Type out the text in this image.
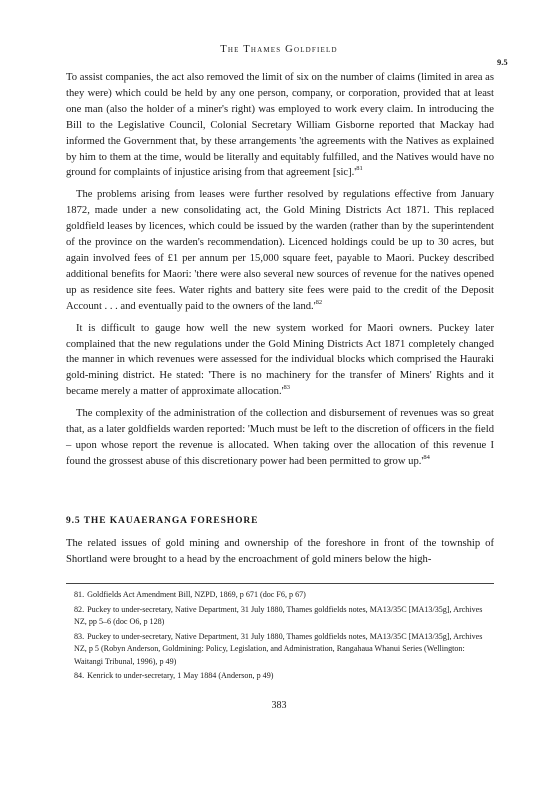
The Thames Goldfield
9.5

To assist companies, the act also removed the limit of six on the number of claims (limited in area as they were) which could be held by any one person, company, or corporation, provided that at least one man (also the holder of a miner's right) was employed to work every claim. In introducing the Bill to the Legislative Council, Colonial Secretary William Gisborne reported that Mackay had informed the Government that, by these arrangements 'the agreements with the Natives as explained by him to them at the time, would be literally and equitably fulfilled, and the Natives would have no ground for complaints of injustice arising from that agreement [sic].'$^{81}$

The problems arising from leases were further resolved by regulations effective from January 1872, made under a new consolidating act, the Gold Mining Districts Act 1871. This replaced goldfield leases by licences, which could be issued by the warden (rather than by the superintendent of the province on the warden's recommendation). Licenced holdings could be up to 30 acres, but again involved fees of £1 per annum per 15,000 square feet, payable to Maori. Puckey described additional benefits for Maori: 'there were also several new sources of revenue for the natives opened up as residence site fees. Water rights and battery site fees were paid to the credit of the Deposit Account . . . and eventually paid to the owners of the land.'$^{82}$

It is difficult to gauge how well the new system worked for Maori owners. Puckey later complained that the new regulations under the Gold Mining Districts Act 1871 completely changed the manner in which revenues were assessed for the individual blocks which comprised the Hauraki gold-mining district. He stated: 'There is no machinery for the transfer of Miners' Rights and it became merely a matter of approximate allocation.'$^{83}$

The complexity of the administration of the collection and disbursement of revenues was so great that, as a later goldfields warden reported: 'Much must be left to the discretion of officers in the field – upon whose report the revenue is allocated. When taking over the allocation of this revenue I found the grossest abuse of this discretionary power had been permitted to grow up.'$^{84}$

9.5 THE KAUAERANGA FORESHORE

The related issues of gold mining and ownership of the foreshore in front of the township of Shortland were brought to a head by the encroachment of gold miners below the high-

81. Goldfields Act Amendment Bill, NZPD, 1869, p 671 (doc F6, p 67)
82. Puckey to under-secretary, Native Department, 31 July 1880, Thames goldfields notes, MA13/35C [MA13/35g], Archives NZ, pp 5–6 (doc O6, p 128)
83. Puckey to under-secretary, Native Department, 31 July 1880, Thames goldfields notes, MA13/35C [MA13/35g], Archives NZ, p 5 (Robyn Anderson, Goldmining: Policy, Legislation, and Administration, Rangahaua Whanui Series (Wellington: Waitangi Tribunal, 1996), p 49)
84. Kenrick to under-secretary, 1 May 1884 (Anderson, p 49)
383
